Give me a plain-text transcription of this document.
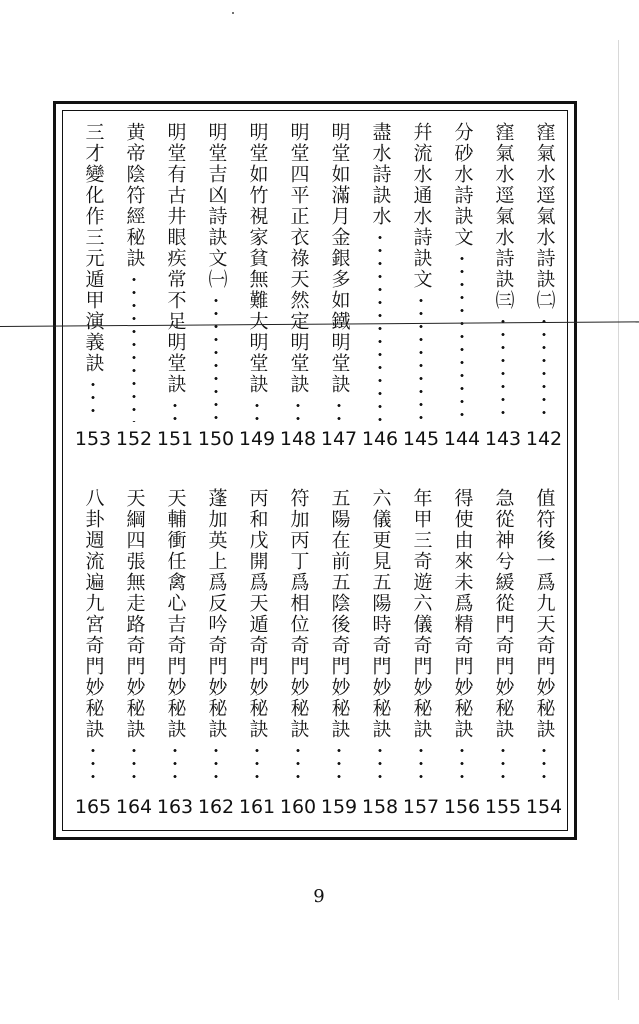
窪氣水逕氣水詩訣㈡
142
窪氣水逕氣水詩訣㈢
143
分砂水詩訣文
144
幷流水通水詩訣文
145
盡水詩訣水
146
明堂如滿月金銀多如鐵明堂訣
147
明堂四平正衣祿天然定明堂訣
148
明堂如竹視家貧無難大明堂訣
149
明堂吉凶詩訣文㈠
150
明堂有古井眼疾常不足明堂訣
151
黄帝陰符經秘訣
152
三才變化作三元遁甲演義訣
153
值符後一爲九天奇門妙秘訣
154
急從神兮緩從門奇門妙秘訣
155
得使由來未爲精奇門妙秘訣
156
年甲三奇遊六儀奇門妙秘訣
157
六儀更見五陽時奇門妙秘訣
158
五陽在前五陰後奇門妙秘訣
159
符加丙丁爲相位奇門妙秘訣
160
丙和戊開爲天遁奇門妙秘訣
161
蓬加英上爲反吟奇門妙秘訣
162
天輔衝任禽心吉奇門妙秘訣
163
天綱四張無走路奇門妙秘訣
164
八卦週流遍九宮奇門妙秘訣
165
9
